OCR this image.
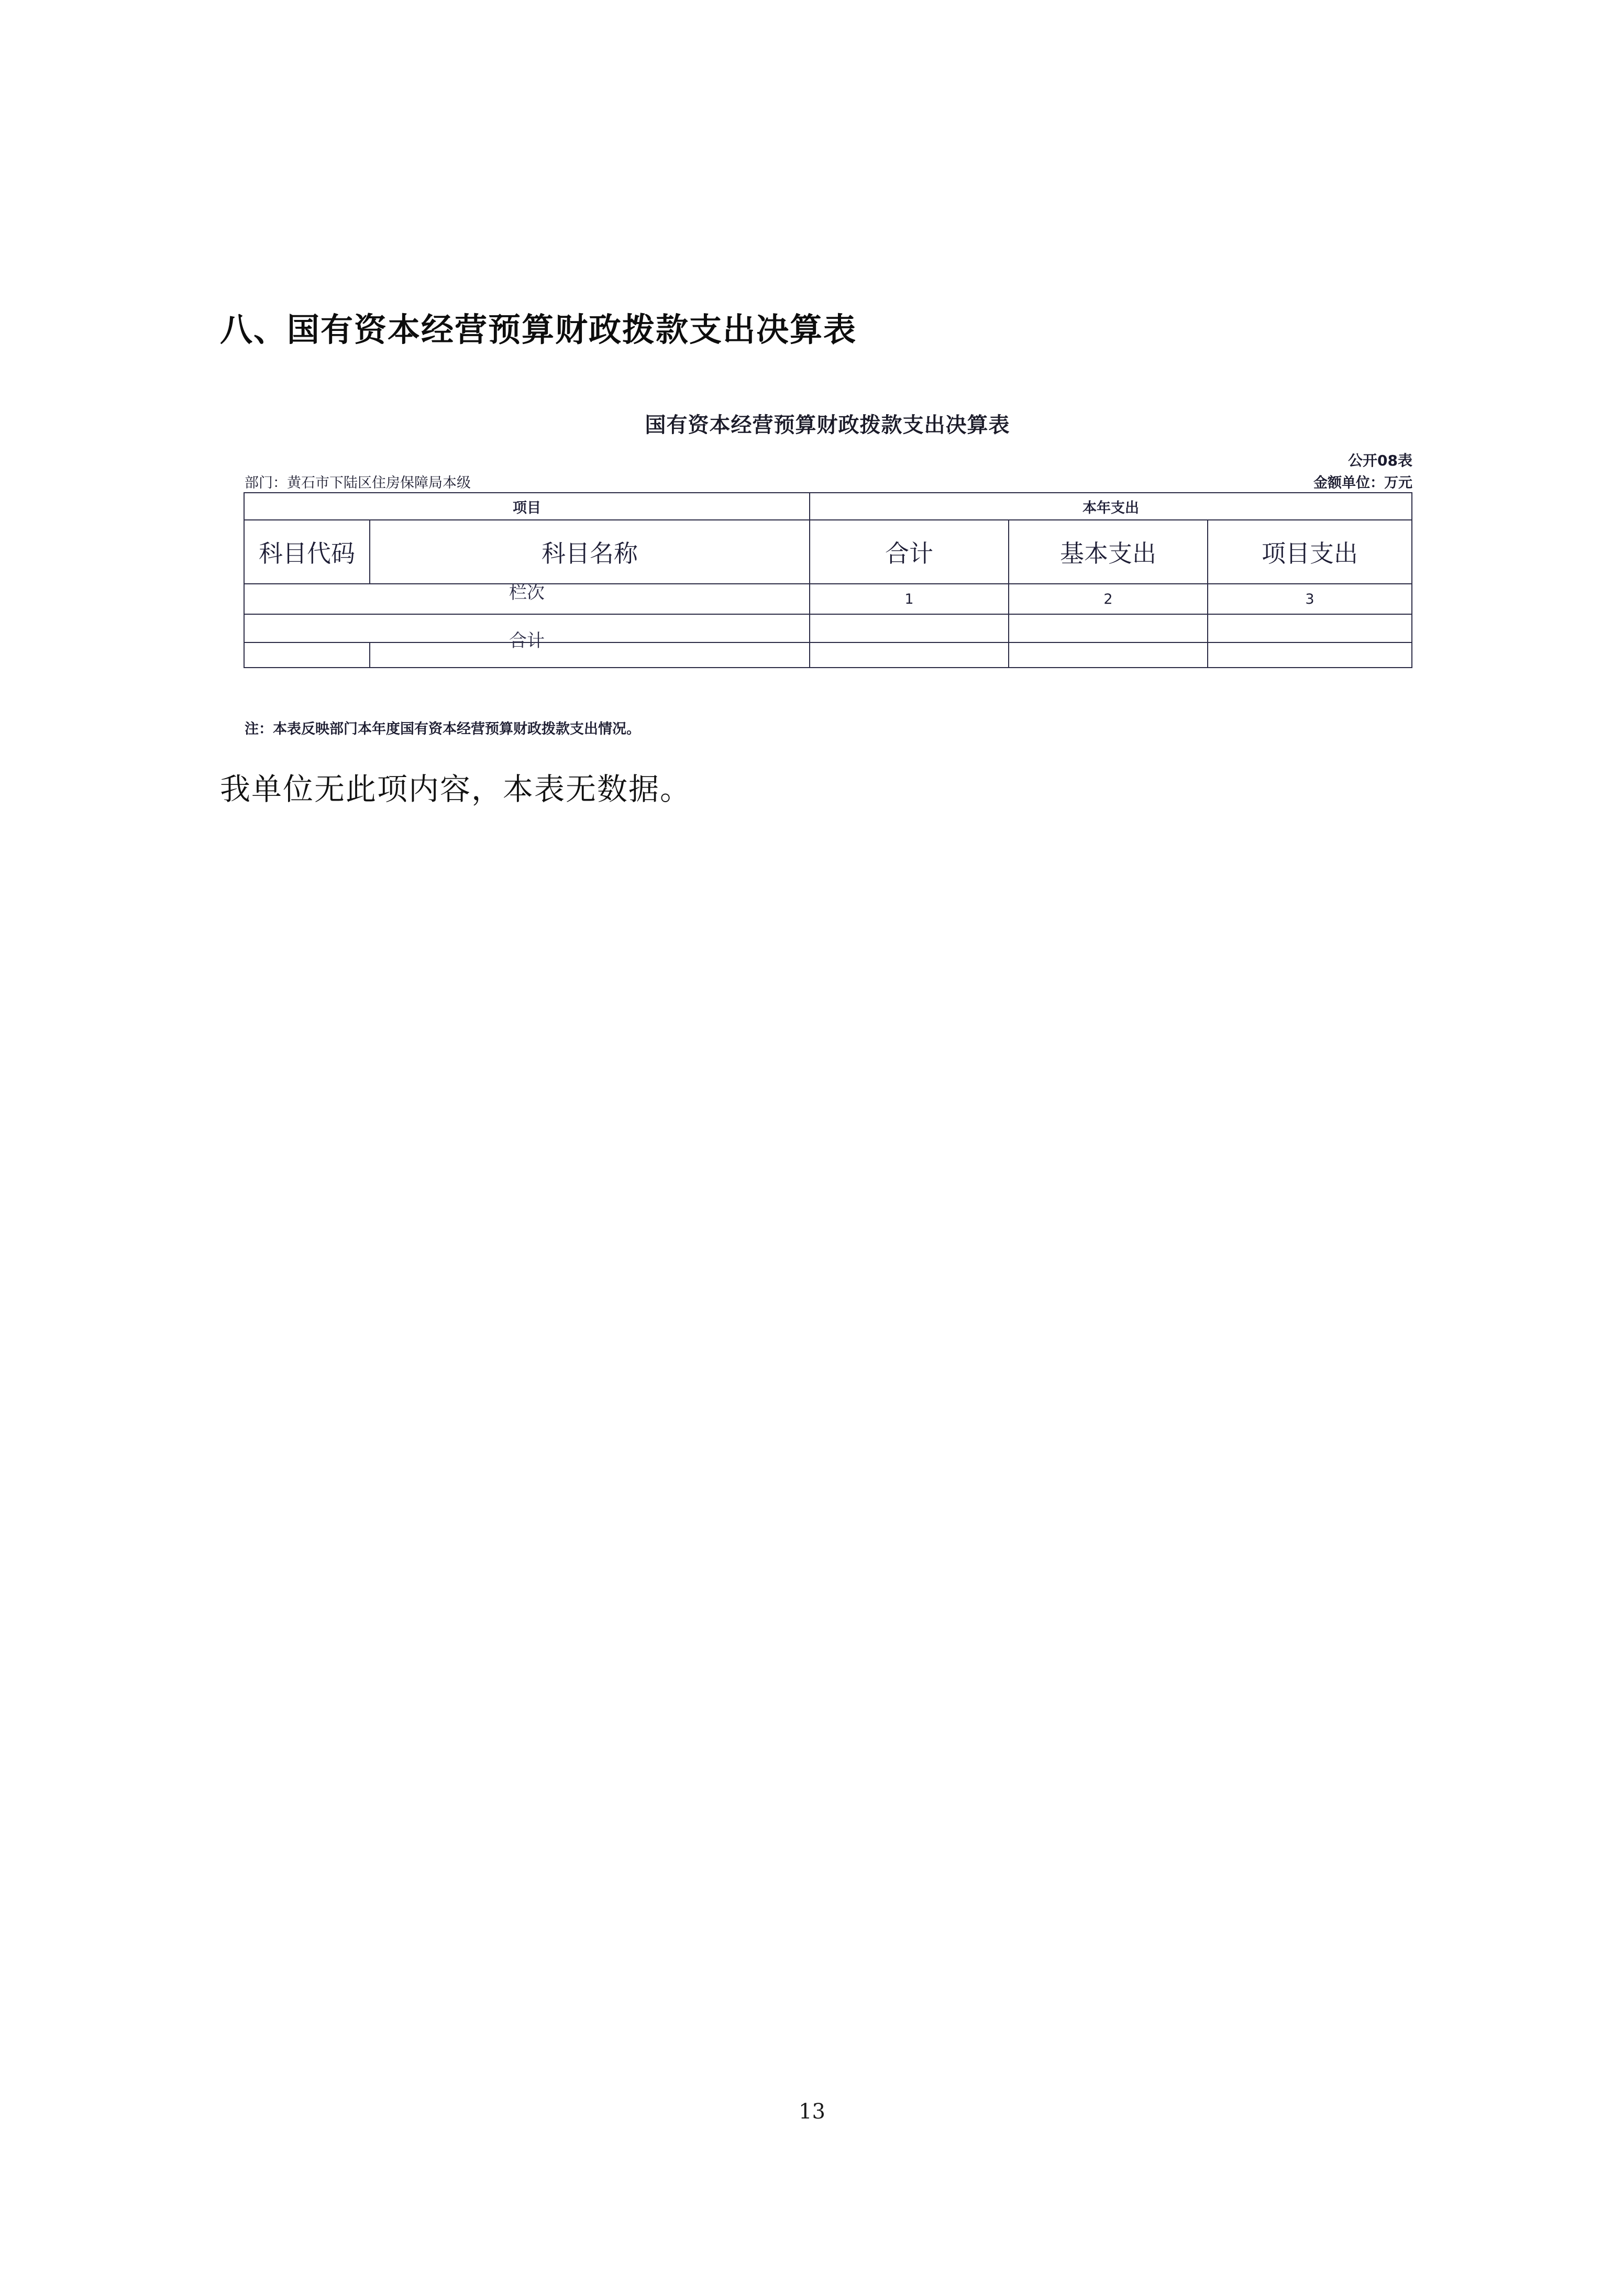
八、国有资本经营预算财政拨款支出决算表
国有资本经营预算财政拨款支出决算表
公开08表
金额单位：万元
部门：黄石市下陆区住房保障局本级
项目		本年支出		
科目代码	科目名称	合计	基本支出	项目支出

栏次		1	2	3

合计				

注：本表反映部门本年度国有资本经营预算财政拨款支出情况。
我单位无此项内容，本表无数据。
13
